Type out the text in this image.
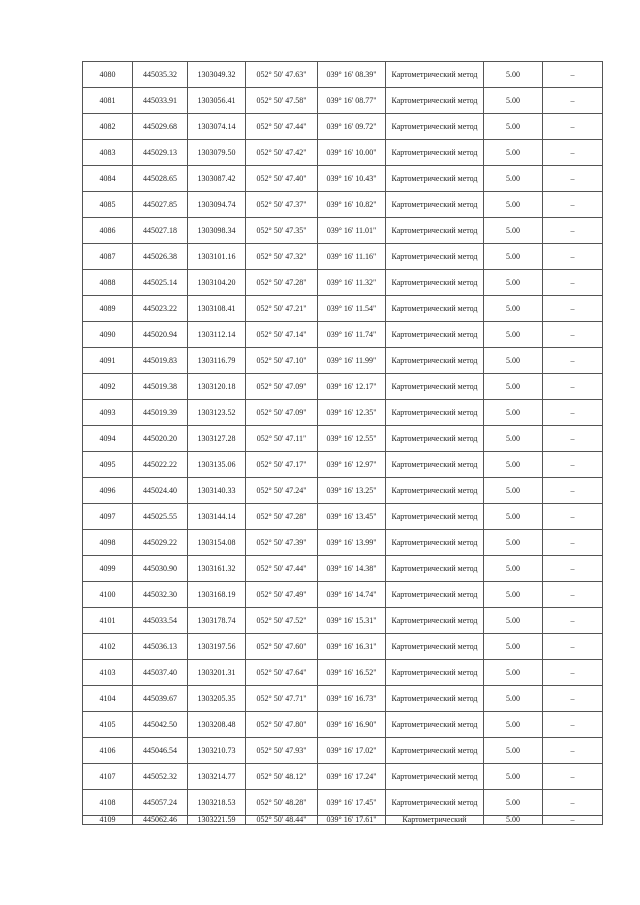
4080	445035.32	1303049.32	052° 50' 47.63"	039° 16' 08.39"	Картометрический метод	5.00	–
4081	445033.91	1303056.41	052° 50' 47.58"	039° 16' 08.77"	Картометрический метод	5.00	–
4082	445029.68	1303074.14	052° 50' 47.44"	039° 16' 09.72"	Картометрический метод	5.00	–
4083	445029.13	1303079.50	052° 50' 47.42"	039° 16' 10.00"	Картометрический метод	5.00	–
4084	445028.65	1303087.42	052° 50' 47.40"	039° 16' 10.43"	Картометрический метод	5.00	–
4085	445027.85	1303094.74	052° 50' 47.37"	039° 16' 10.82"	Картометрический метод	5.00	–
4086	445027.18	1303098.34	052° 50' 47.35"	039° 16' 11.01"	Картометрический метод	5.00	–
4087	445026.38	1303101.16	052° 50' 47.32"	039° 16' 11.16"	Картометрический метод	5.00	–
4088	445025.14	1303104.20	052° 50' 47.28"	039° 16' 11.32"	Картометрический метод	5.00	–
4089	445023.22	1303108.41	052° 50' 47.21"	039° 16' 11.54"	Картометрический метод	5.00	–
4090	445020.94	1303112.14	052° 50' 47.14"	039° 16' 11.74"	Картометрический метод	5.00	–
4091	445019.83	1303116.79	052° 50' 47.10"	039° 16' 11.99"	Картометрический метод	5.00	–
4092	445019.38	1303120.18	052° 50' 47.09"	039° 16' 12.17"	Картометрический метод	5.00	–
4093	445019.39	1303123.52	052° 50' 47.09"	039° 16' 12.35"	Картометрический метод	5.00	–
4094	445020.20	1303127.28	052° 50' 47.11"	039° 16' 12.55"	Картометрический метод	5.00	–
4095	445022.22	1303135.06	052° 50' 47.17"	039° 16' 12.97"	Картометрический метод	5.00	–
4096	445024.40	1303140.33	052° 50' 47.24"	039° 16' 13.25"	Картометрический метод	5.00	–
4097	445025.55	1303144.14	052° 50' 47.28"	039° 16' 13.45"	Картометрический метод	5.00	–
4098	445029.22	1303154.08	052° 50' 47.39"	039° 16' 13.99"	Картометрический метод	5.00	–
4099	445030.90	1303161.32	052° 50' 47.44"	039° 16' 14.38"	Картометрический метод	5.00	–
4100	445032.30	1303168.19	052° 50' 47.49"	039° 16' 14.74"	Картометрический метод	5.00	–
4101	445033.54	1303178.74	052° 50' 47.52"	039° 16' 15.31"	Картометрический метод	5.00	–
4102	445036.13	1303197.56	052° 50' 47.60"	039° 16' 16.31"	Картометрический метод	5.00	–
4103	445037.40	1303201.31	052° 50' 47.64"	039° 16' 16.52"	Картометрический метод	5.00	–
4104	445039.67	1303205.35	052° 50' 47.71"	039° 16' 16.73"	Картометрический метод	5.00	–
4105	445042.50	1303208.48	052° 50' 47.80"	039° 16' 16.90"	Картометрический метод	5.00	–
4106	445046.54	1303210.73	052° 50' 47.93"	039° 16' 17.02"	Картометрический метод	5.00	–
4107	445052.32	1303214.77	052° 50' 48.12"	039° 16' 17.24"	Картометрический метод	5.00	–
4108	445057.24	1303218.53	052° 50' 48.28"	039° 16' 17.45"	Картометрический метод	5.00	–
4109	445062.46	1303221.59	052° 50' 48.44"	039° 16' 17.61"	Картометрический	5.00	–
